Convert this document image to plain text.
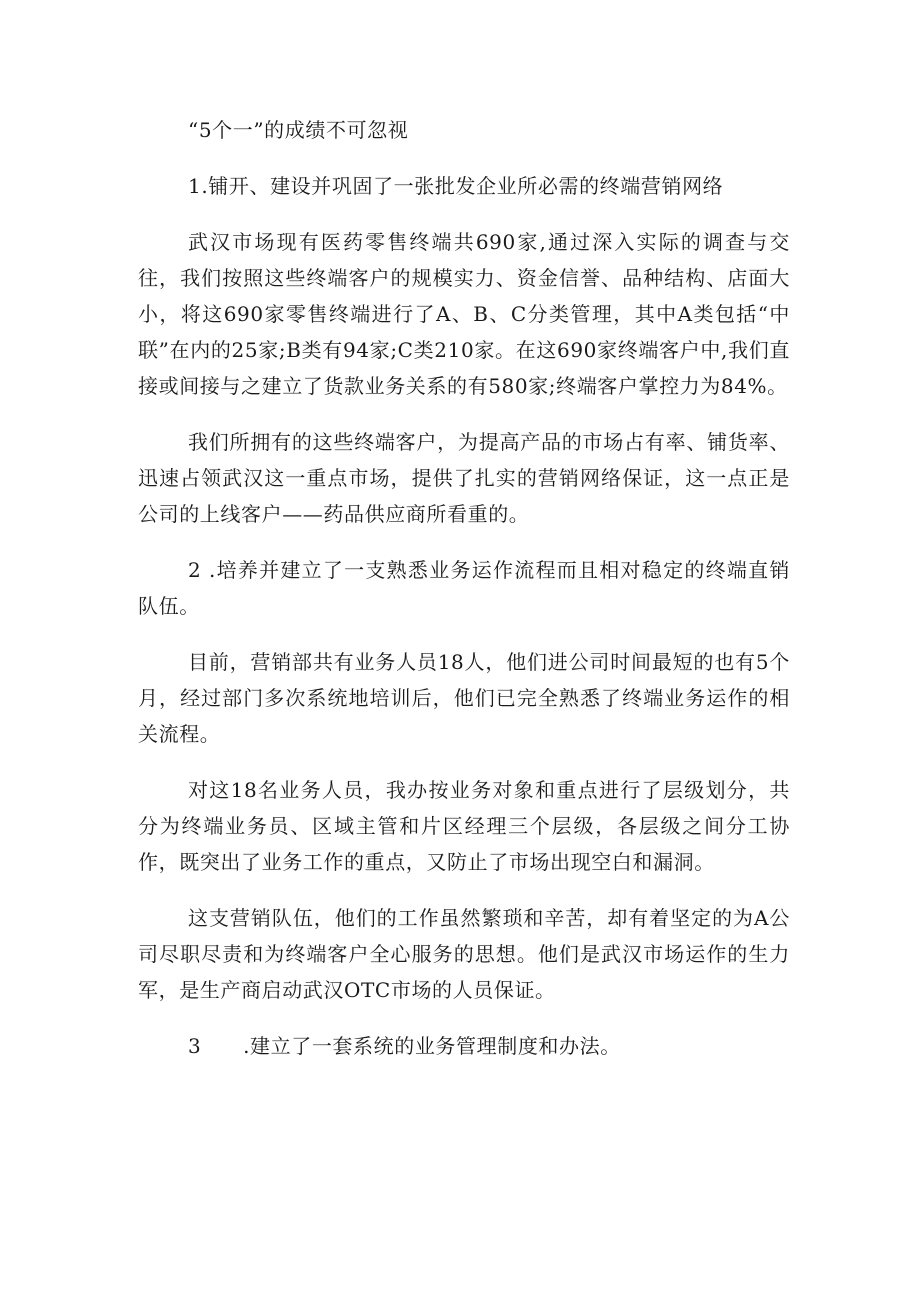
“5个一”的成绩不可忽视

1.铺开、建设并巩固了一张批发企业所必需的终端营销网络

武汉市场现有医药零售终端共690家,通过深入实际的调查与交往，我们按照这些终端客户的规模实力、资金信誉、品种结构、店面大小，将这690家零售终端进行了A、B、C分类管理，其中A类包括“中联”在内的25家;B类有94家;C类210家。在这690家终端客户中,我们直接或间接与之建立了货款业务关系的有580家;终端客户掌控力为84%。

我们所拥有的这些终端客户，为提高产品的市场占有率、铺货率、迅速占领武汉这一重点市场，提供了扎实的营销网络保证，这一点正是公司的上线客户——药品供应商所看重的。

2 .培养并建立了一支熟悉业务运作流程而且相对稳定的终端直销队伍。

目前，营销部共有业务人员18人，他们进公司时间最短的也有5个月，经过部门多次系统地培训后，他们已完全熟悉了终端业务运作的相关流程。

对这18名业务人员，我办按业务对象和重点进行了层级划分，共分为终端业务员、区域主管和片区经理三个层级，各层级之间分工协作，既突出了业务工作的重点，又防止了市场出现空白和漏洞。

这支营销队伍，他们的工作虽然繁琐和辛苦，却有着坚定的为A公司尽职尽责和为终端客户全心服务的思想。他们是武汉市场运作的生力军，是生产商启动武汉OTC市场的人员保证。

3      .建立了一套系统的业务管理制度和办法。
